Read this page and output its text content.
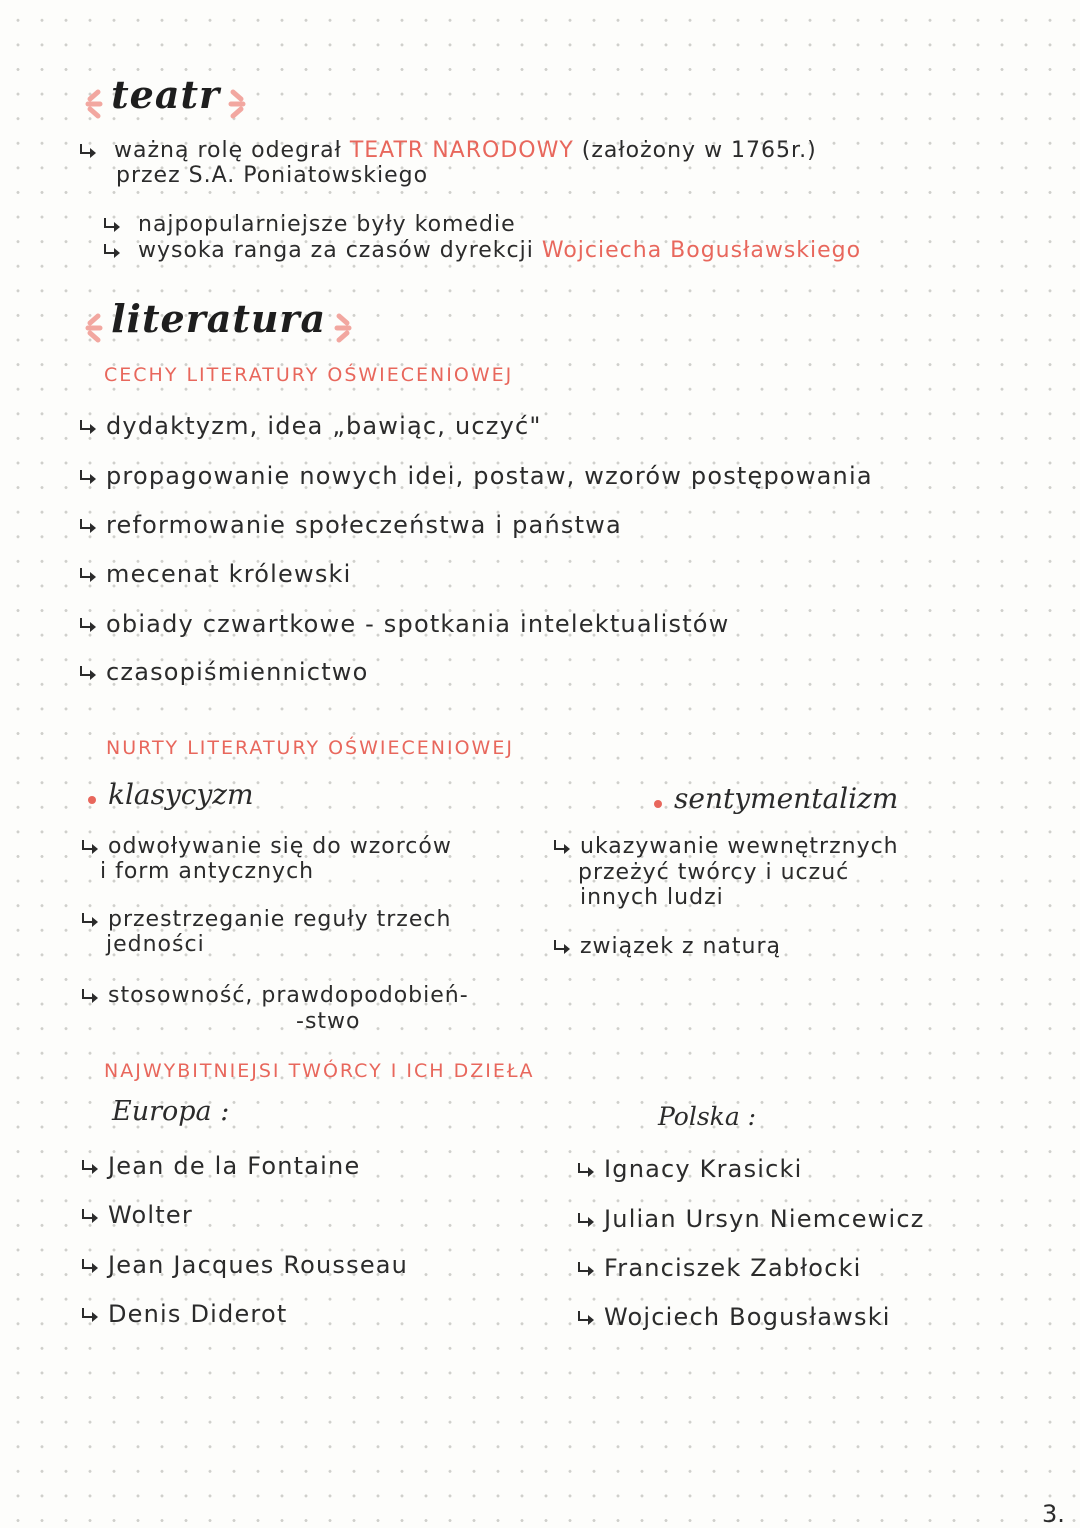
teatr
ważną rolę odegrał TEATR NARODOWY (założony w 1765r.)
przez S.A. Poniatowskiego
najpopularniejsze były komedie
wysoka ranga za czasów dyrekcji Wojciecha Bogusławskiego
literatura
CECHY LITERATURY OŚWIECENIOWEJ
dydaktyzm, idea „bawiąc, uczyć"
propagowanie nowych idei, postaw, wzorów postępowania
reformowanie społeczeństwa i państwa
mecenat królewski
obiady czwartkowe - spotkania intelektualistów
czasopiśmiennictwo
NURTY LITERATURY OŚWIECENIOWEJ
klasycyzm
odwoływanie się do wzorców
i form antycznych
przestrzeganie reguły trzech
jedności
stosowność, prawdopodobień-
-stwo
sentymentalizm
ukazywanie wewnętrznych
przeżyć twórcy i uczuć
innych ludzi
związek z naturą
NAJWYBITNIEJSI TWÓRCY I ICH DZIEŁA
Europa :
Jean de la Fontaine
Wolter
Jean Jacques Rousseau
Denis Diderot
Polska :
Ignacy Krasicki
Julian Ursyn Niemcewicz
Franciszek Zabłocki
Wojciech Bogusławski
3.
